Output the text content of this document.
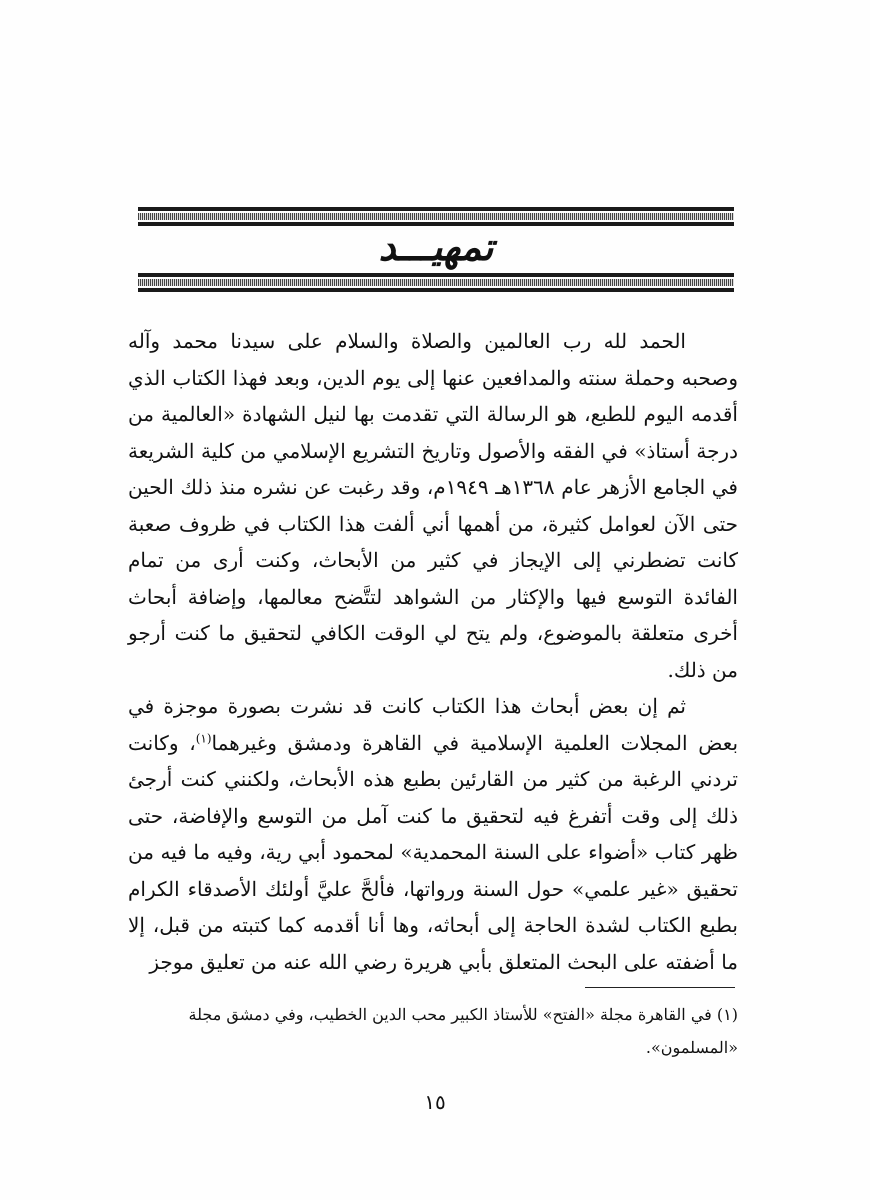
تمهيـــد

الحمد لله رب العالمين والصلاة والسلام على سيدنا محمد وآله وصحبه وحملة سنته والمدافعين عنها إلى يوم الدين، وبعد فهذا الكتاب الذي أقدمه اليوم للطبع، هو الرسالة التي تقدمت بها لنيل الشهادة «العالمية من درجة أستاذ» في الفقه والأصول وتاريخ التشريع الإسلامي من كلية الشريعة في الجامع الأزهر عام ١٣٦٨هـ ١٩٤٩م، وقد رغبت عن نشره منذ ذلك الحين حتى الآن لعوامل كثيرة، من أهمها أني ألفت هذا الكتاب في ظروف صعبة كانت تضطرني إلى الإيجاز في كثير من الأبحاث، وكنت أرى من تمام الفائدة التوسع فيها والإكثار من الشواهد لتتَّضح معالمها، وإضافة أبحاث أخرى متعلقة بالموضوع، ولم يتح لي الوقت الكافي لتحقيق ما كنت أرجو من ذلك.

ثم إن بعض أبحاث هذا الكتاب كانت قد نشرت بصورة موجزة في بعض المجلات العلمية الإسلامية في القاهرة ودمشق وغيرهما$^{(١)}$، وكانت تردني الرغبة من كثير من القارئين بطبع هذه الأبحاث، ولكنني كنت أرجئ ذلك إلى وقت أتفرغ فيه لتحقيق ما كنت آمل من التوسع والإفاضة، حتى ظهر كتاب «أضواء على السنة المحمدية» لمحمود أبي رية، وفيه ما فيه من تحقيق «غير علمي» حول السنة ورواتها، فألحَّ عليَّ أولئك الأصدقاء الكرام بطبع الكتاب لشدة الحاجة إلى أبحاثه، وها أنا أقدمه كما كتبته من قبل، إلا ما أضفته على البحث المتعلق بأبي هريرة رضي الله عنه من تعليق موجز

(١) في القاهرة مجلة «الفتح» للأستاذ الكبير محب الدين الخطيب، وفي دمشق مجلة «المسلمون».
١٥
